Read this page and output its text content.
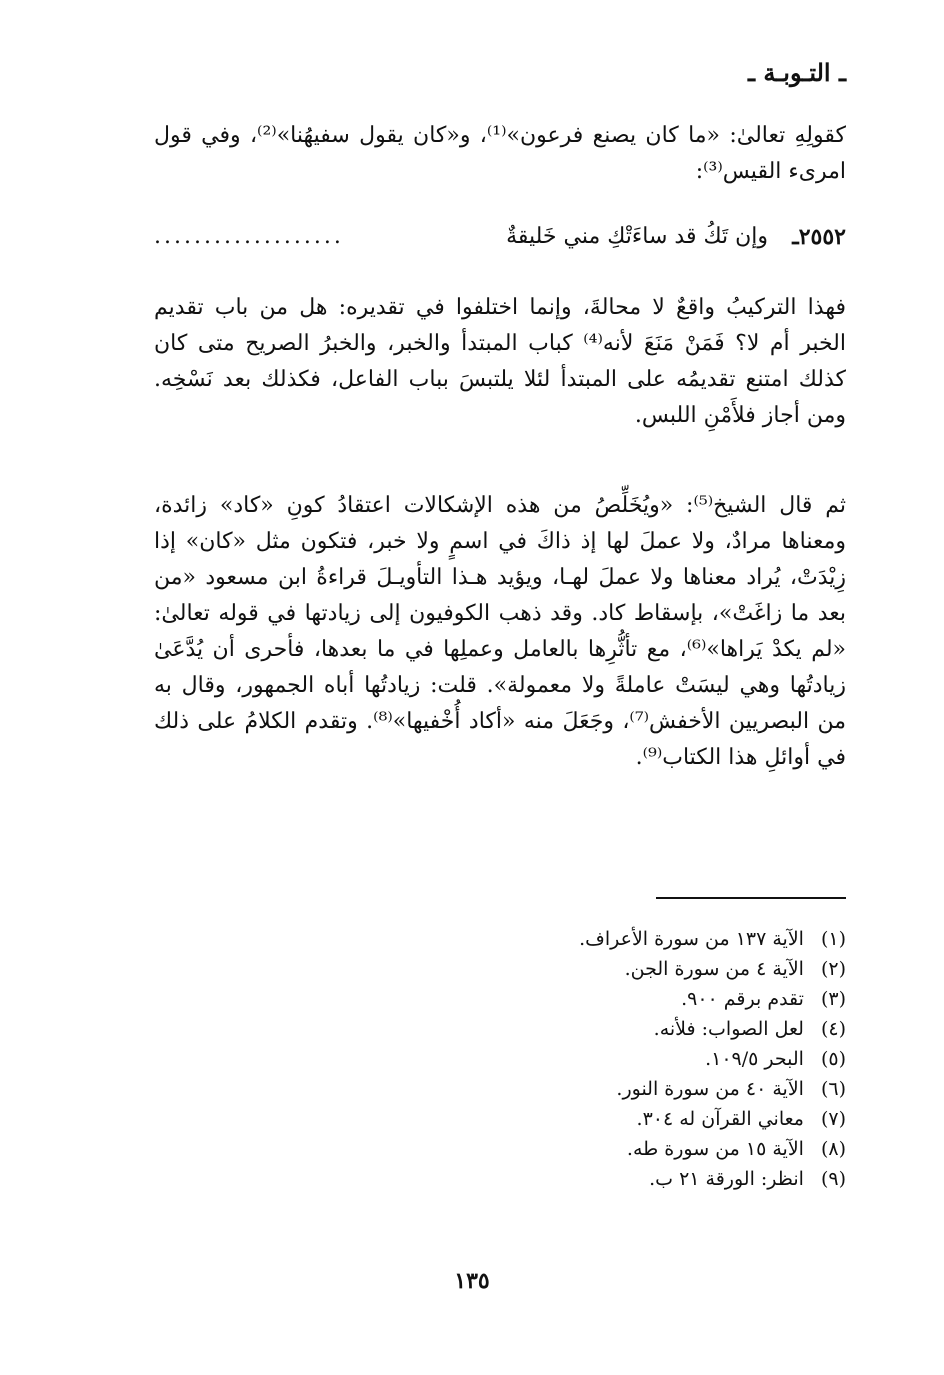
ـ التـوبـة ـ

كقولِهِ تعالىٰ: «ما كان يصنع فرعون»⁽¹⁾، و«كان يقول سفيهُنا»⁽²⁾، وفي قول امرىء القيس⁽³⁾:

٢٥٥٢ـ
وإن تَكُ قد ساءَتْكِ مني خَليقةٌ
...................

فهذا التركيبُ واقعٌ لا محالةَ، وإنما اختلفوا في تقديره: هل من باب تقديم الخبر أم لا؟ فَمَنْ مَنَعَ لأنه⁽⁴⁾ كباب المبتدأ والخبر، والخبرُ الصريح متى كان كذلك امتنع تقديمُه على المبتدأ لئلا يلتبسَ بباب الفاعل، فكذلك بعد نَسْخِه. ومن أجاز فلأَمْنِ اللبس.

ثم قال الشيخ⁽⁵⁾: «ويُخَلِّصُ من هذه الإشكالات اعتقادُ كونِ «كاد» زائدة، ومعناها مرادٌ، ولا عملَ لها إذ ذاكَ في اسمٍ ولا خبر، فتكون مثل «كان» إذا زِيْدَتْ، يُراد معناها ولا عملَ لهـا، ويؤيد هـذا التأويـلَ قراءةُ ابن مسعود «من بعد ما زاغَتْ»، بإسقاط كاد. وقد ذهب الكوفيون إلى زيادتها في قوله تعالىٰ: «لم يكدْ يَراها»⁽⁶⁾، مع تأثُّرِها بالعامل وعملِها في ما بعدها، فأحرى أن يُدَّعَىٰ زيادتُها وهي ليسَتْ عاملةً ولا معمولة». قلت: زيادتُها أباه الجمهور، وقال به من البصريين الأخفش⁽⁷⁾، وجَعَلَ منه «أكاد أُخْفيها»⁽⁸⁾. وتقدم الكلامُ على ذلك في أوائلِ هذا الكتاب⁽⁹⁾.

(١) الآية ١٣٧ من سورة الأعراف.
(٢) الآية ٤ من سورة الجن.
(٣) تقدم برقم ٩٠٠.
(٤) لعل الصواب: فلأنه.
(٥) البحر ١٠٩/٥.
(٦) الآية ٤٠ من سورة النور.
(٧) معاني القرآن له ٣٠٤.
(٨) الآية ١٥ من سورة طه.
(٩) انظر: الورقة ٢١ ب.
١٣٥
